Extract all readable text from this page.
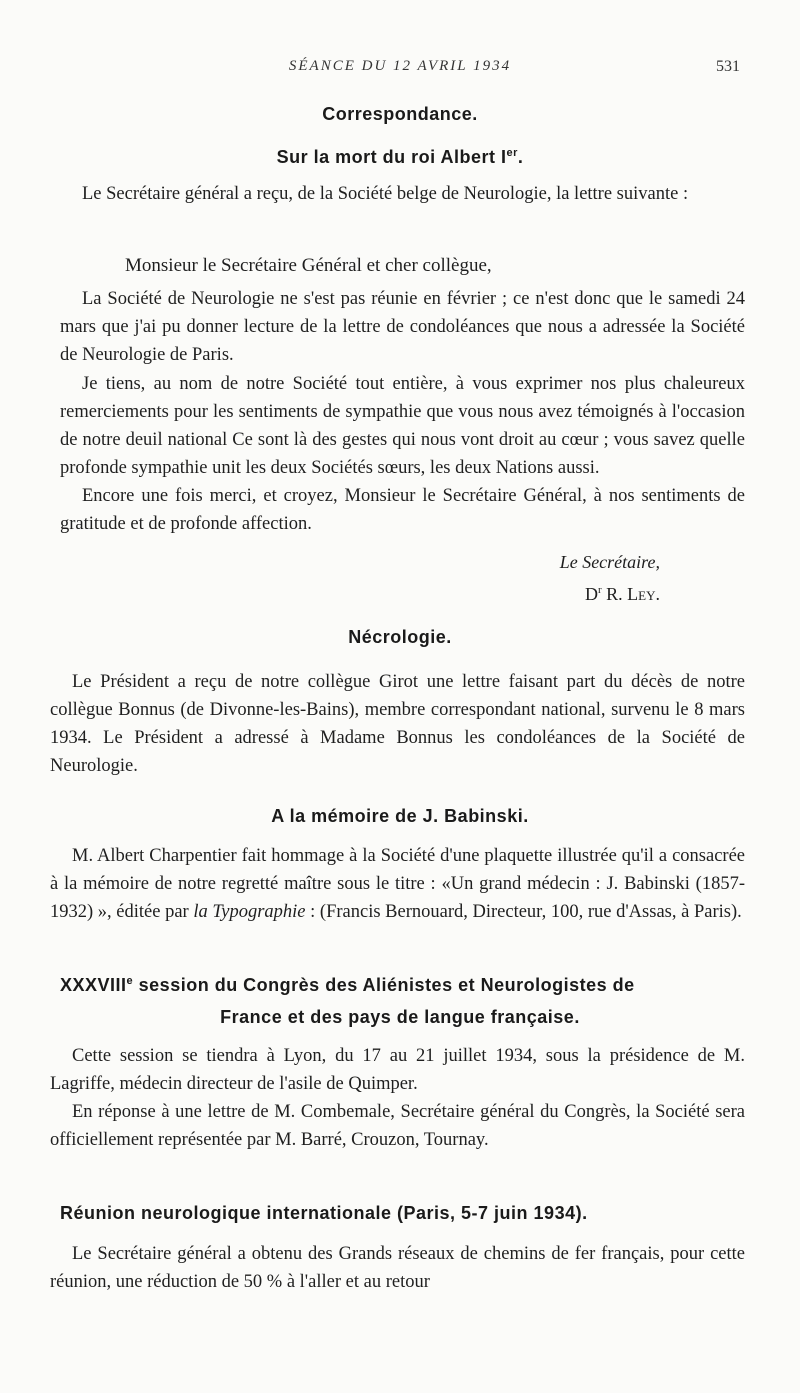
SÉANCE DU 12 AVRIL 1934	531
Correspondance.
Sur la mort du roi Albert Ier.

Le Secrétaire général a reçu, de la Société belge de Neurologie, la lettre suivante :

Monsieur le Secrétaire Général et cher collègue,

La Société de Neurologie ne s'est pas réunie en février ; ce n'est donc que le samedi 24 mars que j'ai pu donner lecture de la lettre de condoléances que nous a adressée la Société de Neurologie de Paris.

Je tiens, au nom de notre Société tout entière, à vous exprimer nos plus chaleureux remerciements pour les sentiments de sympathie que vous nous avez témoignés à l'occasion de notre deuil national Ce sont là des gestes qui nous vont droit au cœur ; vous savez quelle profonde sympathie unit les deux Sociétés sœurs, les deux Nations aussi.

Encore une fois merci, et croyez, Monsieur le Secrétaire Général, à nos sentiments de gratitude et de profonde affection.

Le Secrétaire,
$D^r$ R. Ley.
Nécrologie.

Le Président a reçu de notre collègue Girot une lettre faisant part du décès de notre collègue Bonnus (de Divonne-les-Bains), membre correspondant national, survenu le 8 mars 1934. Le Président a adressé à Madame Bonnus les condoléances de la Société de Neurologie.

A la mémoire de J. Babinski.

M. Albert Charpentier fait hommage à la Société d'une plaquette illustrée qu'il a consacrée à la mémoire de notre regretté maître sous le titre : «Un grand médecin : J. Babinski (1857-1932) », éditée par la Typographie : (Francis Bernouard, Directeur, 100, rue d'Assas, à Paris).

XXXVIIIe session du Congrès des Aliénistes et Neurologistes de
France et des pays de langue française.

Cette session se tiendra à Lyon, du 17 au 21 juillet 1934, sous la présidence de M. Lagriffe, médecin directeur de l'asile de Quimper.

En réponse à une lettre de M. Combemale, Secrétaire général du Congrès, la Société sera officiellement représentée par M. Barré, Crouzon, Tournay.

Réunion neurologique internationale (Paris, 5-7 juin 1934).

Le Secrétaire général a obtenu des Grands réseaux de chemins de fer français, pour cette réunion, une réduction de 50 % à l'aller et au retour
